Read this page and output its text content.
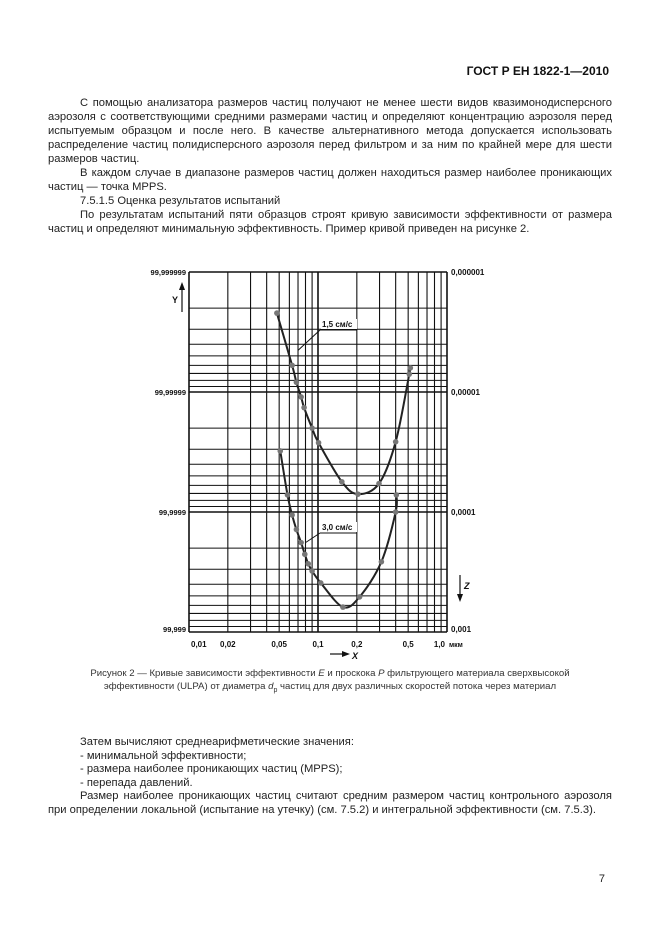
ГОСТ Р ЕН 1822-1—2010

С помощью анализатора размеров частиц получают не менее шести видов квазимонодисперсного аэрозоля с соответствующими средними размерами частиц и определяют концентрацию аэрозоля перед испытуемым образцом и после него. В качестве альтернативного метода допускается использовать распределение частиц полидисперсного аэрозоля перед фильтром и за ним по крайней мере для шести размеров частиц.

В каждом случае в диапазоне размеров частиц должен находиться размер наиболее проникающих частиц — точка MPPS.

7.5.1.5 Оценка результатов испытаний

По результатам испытаний пяти образцов строят кривую зависимости эффективности от размера частиц и определяют минимальную эффективность. Пример кривой приведен на рисунке 2.

0,01 0,02	0,05	0,1	0,2	0,5	1,0 мкм
99,999999
99,99999
99,9999
99,999
0,000001
0,00001
0,0001
0,001
Y
Z
X
1,5 см/с
3,0 см/с
Рисунок 2 — Кривые зависимости эффективности E и проскока P фильтрующего материала сверхвысокой
эффективности (ULPA) от диаметра $d_p$ частиц для двух различных скоростей потока через материал

Затем вычисляют среднеарифметические значения:

- минимальной эффективности;

- размера наиболее проникающих частиц (MPPS);

- перепада давлений.

Размер наиболее проникающих частиц считают средним размером частиц контрольного аэрозоля при определении локальной (испытание на утечку) (см. 7.5.2) и интегральной эффективности (см. 7.5.3).

7
